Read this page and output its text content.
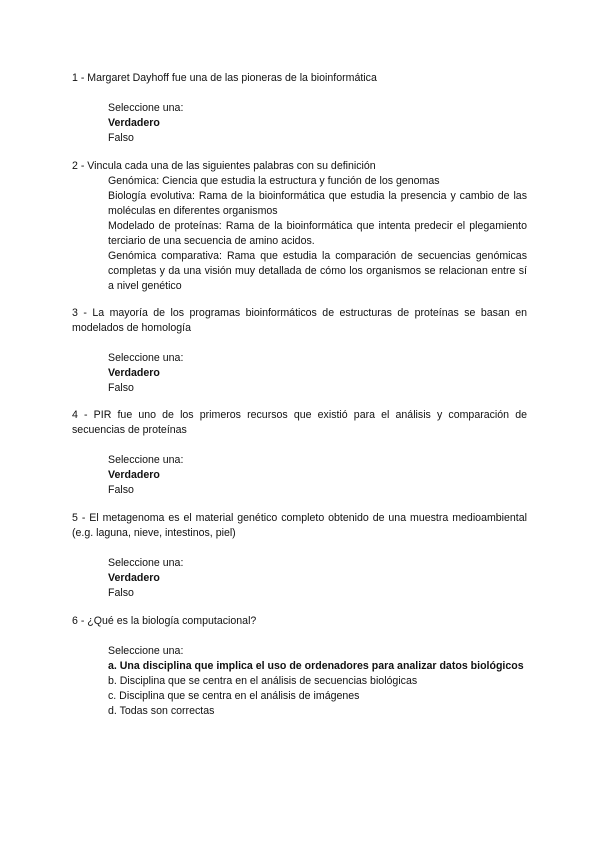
1 - Margaret Dayhoff fue una de las pioneras de la bioinformática
Seleccione una:
Verdadero
Falso
2 - Vincula cada una de las siguientes palabras con su definición
Genómica: Ciencia que estudia la estructura y función de los genomas
Biología evolutiva: Rama de la bioinformática que estudia la presencia y cambio de las moléculas en diferentes organismos
Modelado de proteínas: Rama de la bioinformática que intenta predecir el plegamiento terciario de una secuencia de amino acidos.
Genómica comparativa: Rama que estudia la comparación de secuencias genómicas completas y da una visión muy detallada de cómo los organismos se relacionan entre sí a nivel genético
3 - La mayoría de los programas bioinformáticos de estructuras de proteínas se basan en modelados de homología
Seleccione una:
Verdadero
Falso
4 - PIR fue uno de los primeros recursos que existió para el análisis y comparación de secuencias de proteínas
Seleccione una:
Verdadero
Falso
5 - El metagenoma es el material genético completo obtenido de una muestra medioambiental (e.g. laguna, nieve, intestinos, piel)
Seleccione una:
Verdadero
Falso
6 - ¿Qué es la biología computacional?
Seleccione una:
a. Una disciplina que implica el uso de ordenadores para analizar datos biológicos
b. Disciplina que se centra en el análisis de secuencias biológicas
c. Disciplina que se centra en el análisis de imágenes
d. Todas son correctas
